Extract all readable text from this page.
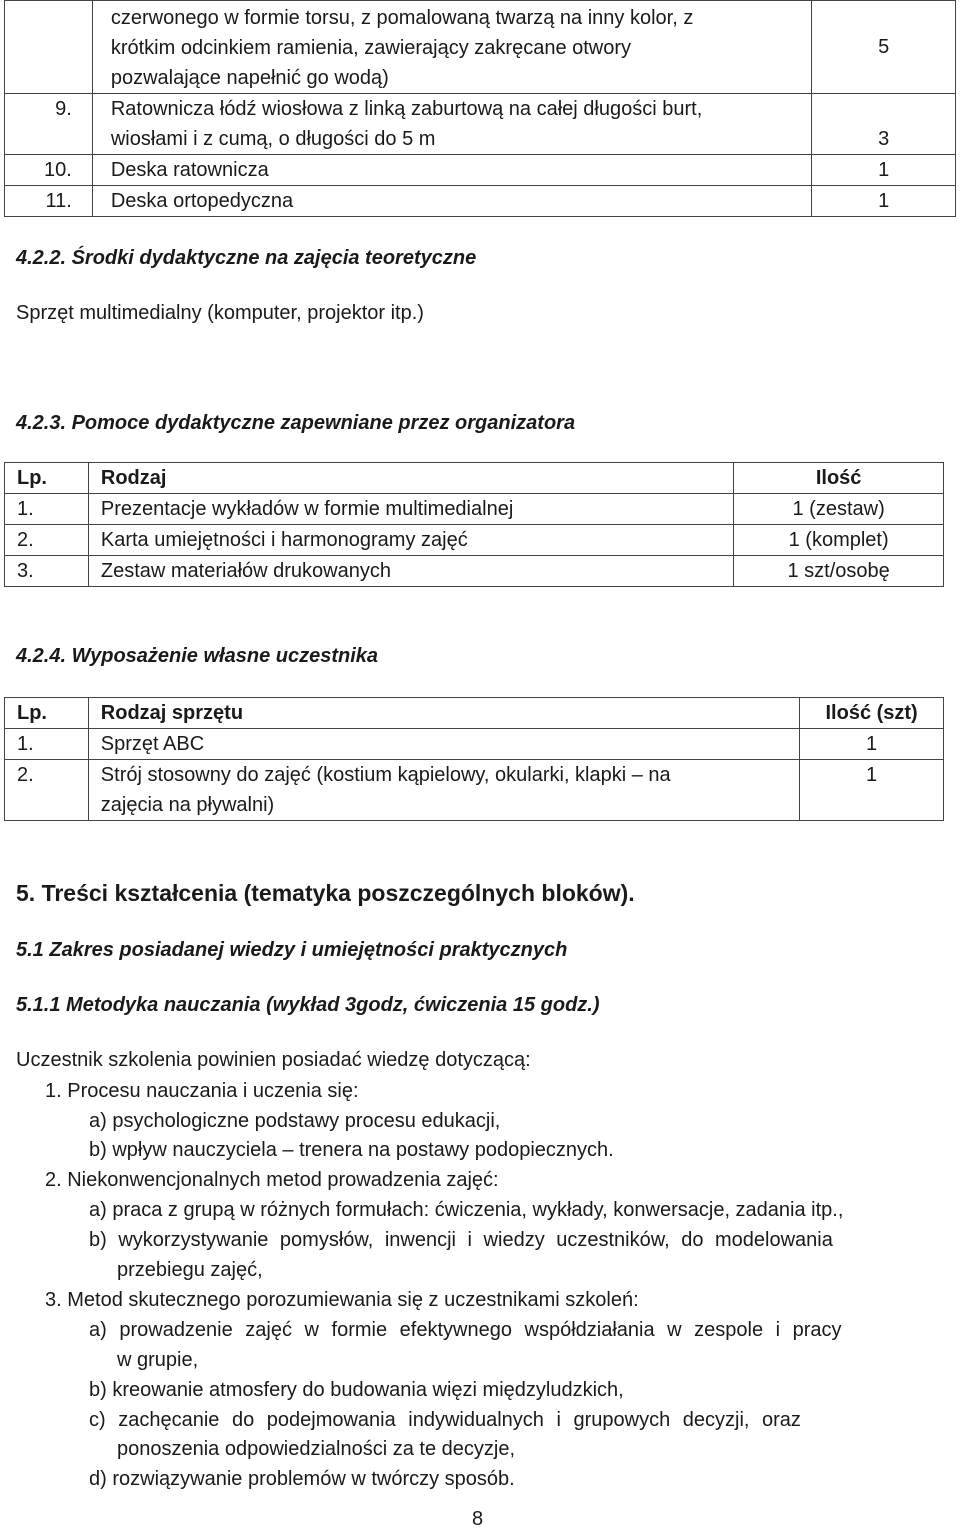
czerwonego w formie torsu, z pomalowaną twarzą na inny kolor, z
krótkim odcinkiem ramienia, zawierający zakręcane otwory
pozwalające napełnić go wodą)	5
9.	Ratownicza łódź wiosłowa z linką zaburtową na całej długości burt,
wiosłami i z cumą, o długości do 5 m	3
10.	Deska ratownicza	1
11.	Deska ortopedyczna	1
4.2.2. Środki dydaktyczne na zajęcia teoretyczne
Sprzęt multimedialny (komputer, projektor itp.)
4.2.3. Pomoce dydaktyczne zapewniane przez organizatora
Lp.	Rodzaj	Ilość
1.	Prezentacje wykładów w formie multimedialnej	1 (zestaw)
2.	Karta umiejętności i harmonogramy zajęć	1 (komplet)
3.	Zestaw materiałów drukowanych	1 szt/osobę
4.2.4. Wyposażenie własne uczestnika
Lp.	Rodzaj sprzętu	Ilość (szt)
1.	Sprzęt ABC	1
2.	Strój stosowny do zajęć (kostium kąpielowy, okularki, klapki – na
zajęcia na pływalni)	1
5. Treści kształcenia (tematyka poszczególnych bloków).
5.1 Zakres posiadanej wiedzy i umiejętności praktycznych
5.1.1 Metodyka nauczania (wykład 3godz, ćwiczenia 15 godz.)
Uczestnik szkolenia powinien posiadać wiedzę dotyczącą:
1. Procesu nauczania i uczenia się:
a) psychologiczne podstawy procesu edukacji,
b) wpływ nauczyciela – trenera na postawy podopiecznych.
2. Niekonwencjonalnych metod prowadzenia zajęć:
a) praca z grupą w różnych formułach: ćwiczenia, wykłady, konwersacje, zadania itp.,
b) wykorzystywanie pomysłów, inwencji i wiedzy uczestników, do modelowania
przebiegu zajęć,
3. Metod skutecznego porozumiewania się z uczestnikami szkoleń:
a) prowadzenie zajęć w formie efektywnego współdziałania w zespole i pracy
w grupie,
b) kreowanie atmosfery do budowania więzi międzyludzkich,
c) zachęcanie do podejmowania indywidualnych i grupowych decyzji, oraz
ponoszenia odpowiedzialności za te decyzje,
d) rozwiązywanie problemów w twórczy sposób.
8
